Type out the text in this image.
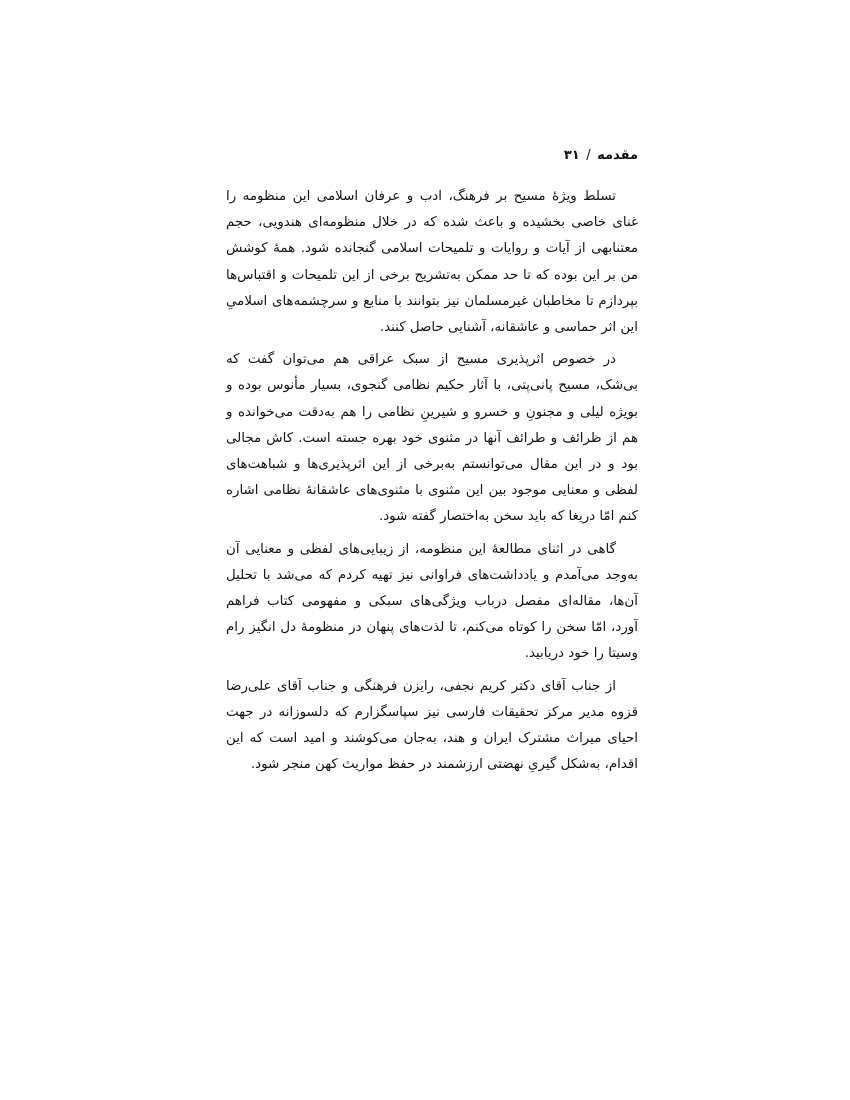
مقدمه / ۳۱

تسلط ویژهٔ مسیح بر فرهنگ، ادب و عرفان اسلامی این منظومه را غنای خاصی بخشیده و باعث شده که در خلال منظومه‌ای هندویی، حجم معتنابهی از آیات و روایات و تلمیحات اسلامی گنجانده شود. همهٔ کوشش من بر این بوده که تا حد ممکن به‌تشریح برخی از این تلمیحات و اقتباس‌ها بپردازم تا مخاطبان غیرمسلمان نیز بتوانند با منابع و سرچشمه‌های اسلامیِ این اثر حماسی و عاشقانه، آشنایی حاصل کنند.

در خصوص اثرپذیری مسیح از سبک عراقی هم می‌توان گفت که بی‌شک، مسیح پانی‌پتی، با آثار حکیم نظامی گنجوی، بسیار مأنوس بوده و بویژه لیلی و مجنونِ و خسرو و شیرینِ نظامی را هم به‌دقت می‌خوانده و هم از ظرائف و طرائف آنها در مثنوی خود بهره جسته است. کاش مجالی بود و در این مقال می‌توانستم به‌برخی از این اثرپذیری‌ها و شباهت‌های لفظی و معنایی موجود بین این مثنوی با مثنوی‌های عاشقانهٔ نظامی اشاره کنم امّا دریغا که باید سخن به‌اختصار گفته شود.

گاهی در اثنای مطالعهٔ این منظومه، از زیبایی‌های لفظی و معنایی آن به‌وجد می‌آمدم و یادداشت‌های فراوانی نیز تهیه کردم که می‌شد با تحلیل آن‌ها، مقاله‌ای مفصل درباب ویژگی‌های سبکی و مفهومی کتاب فراهم آورد، امّا سخن را کوتاه می‌کنم، تا لذت‌های پنهان در منظومهٔ دل انگیز رام وسیتا را خود دریابید.

از جناب آقای دکتر کریم نجفی، رایزن فرهنگی و جناب آقای علی‌رضا قزوه مدیر مرکز تحقیقات فارسی نیز سپاسگزارم که دلسوزانه در جهت احیای میراث مشترک ایران و هند، به‌جان می‌کوشند و امید است که این اقدام، به‌شکل گیریِ نهضتی ارزشمند در حفظ مواریث کهن منجر شود.
